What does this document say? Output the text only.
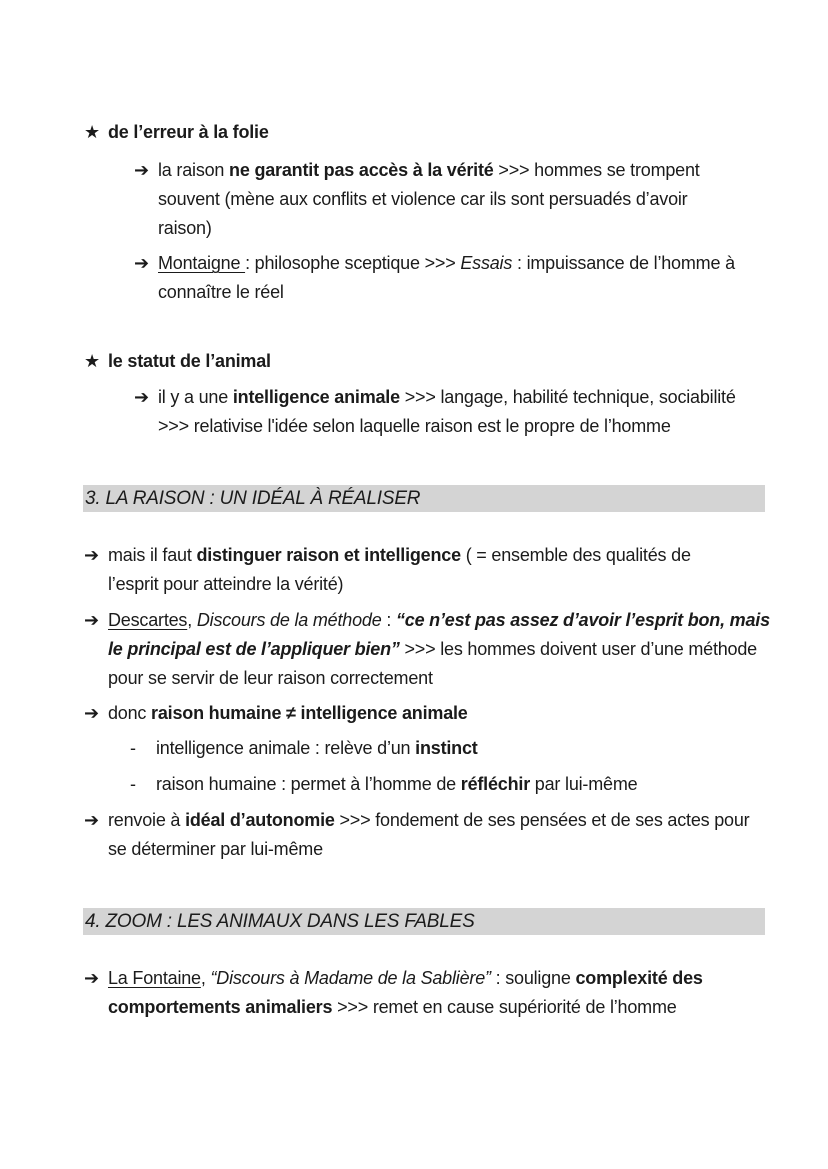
★ de l’erreur à la folie
➔ la raison ne garantit pas accès à la vérité >>> hommes se trompent
souvent (mène aux conflits et violence car ils sont persuadés d’avoir
raison)
➔ Montaigne : philosophe sceptique >>> Essais : impuissance de l’homme à
connaître le réel
★ le statut de l’animal
➔ il y a une intelligence animale >>> langage, habilité technique, sociabilité
>>> relativise l'idée selon laquelle raison est le propre de l’homme
3. LA RAISON : UN IDÉAL À RÉALISER
➔ mais il faut distinguer raison et intelligence ( = ensemble des qualités de
l’esprit pour atteindre la vérité)
➔ Descartes, Discours de la méthode : “ce n’est pas assez d’avoir l’esprit bon, mais
le principal est de l’appliquer bien” >>> les hommes doivent user d’une méthode
pour se servir de leur raison correctement
➔ donc raison humaine ≠ intelligence animale
- intelligence animale : relève d’un instinct
- raison humaine : permet à l’homme de réfléchir par lui-même
➔ renvoie à idéal d’autonomie >>> fondement de ses pensées et de ses actes pour
se déterminer par lui-même
4. ZOOM : LES ANIMAUX DANS LES FABLES
➔ La Fontaine, “Discours à Madame de la Sablière” : souligne complexité des
comportements animaliers >>> remet en cause supériorité de l’homme
